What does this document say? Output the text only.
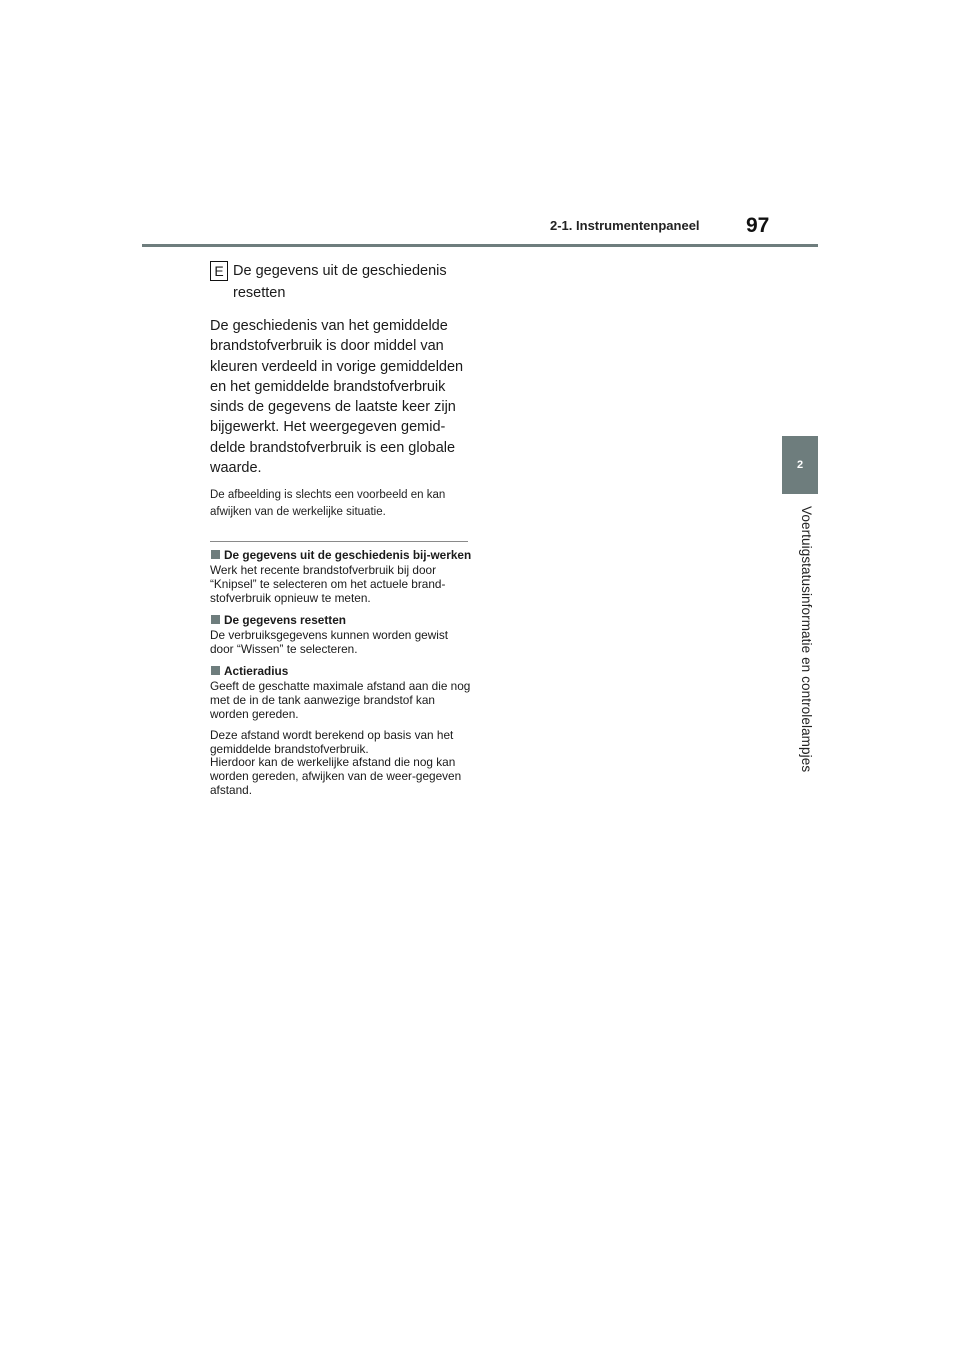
2-1. Instrumentenpaneel 97
2
Voertuigstatusinformatie en controlelampjes
E De gegevens uit de geschiedenis resetten

De geschiedenis van het gemiddelde brandstofverbruik is door middel van kleuren verdeeld in vorige gemiddelden en het gemiddelde brandstofverbruik sinds de gegevens de laatste keer zijn bijgewerkt. Het weergegeven gemid-delde brandstofverbruik is een globale waarde.

De afbeelding is slechts een voorbeeld en kan afwijken van de werkelijke situatie.

De gegevens uit de geschiedenis bij-werken

Werk het recente brandstofverbruik bij door “Knipsel” te selecteren om het actuele brand-stofverbruik opnieuw te meten.

De gegevens resetten

De verbruiksgegevens kunnen worden gewist door “Wissen” te selecteren.

Actieradius

Geeft de geschatte maximale afstand aan die nog met de in de tank aanwezige brandstof kan worden gereden.

Deze afstand wordt berekend op basis van het gemiddelde brandstofverbruik.
Hierdoor kan de werkelijke afstand die nog kan worden gereden, afwijken van de weer-gegeven afstand.
